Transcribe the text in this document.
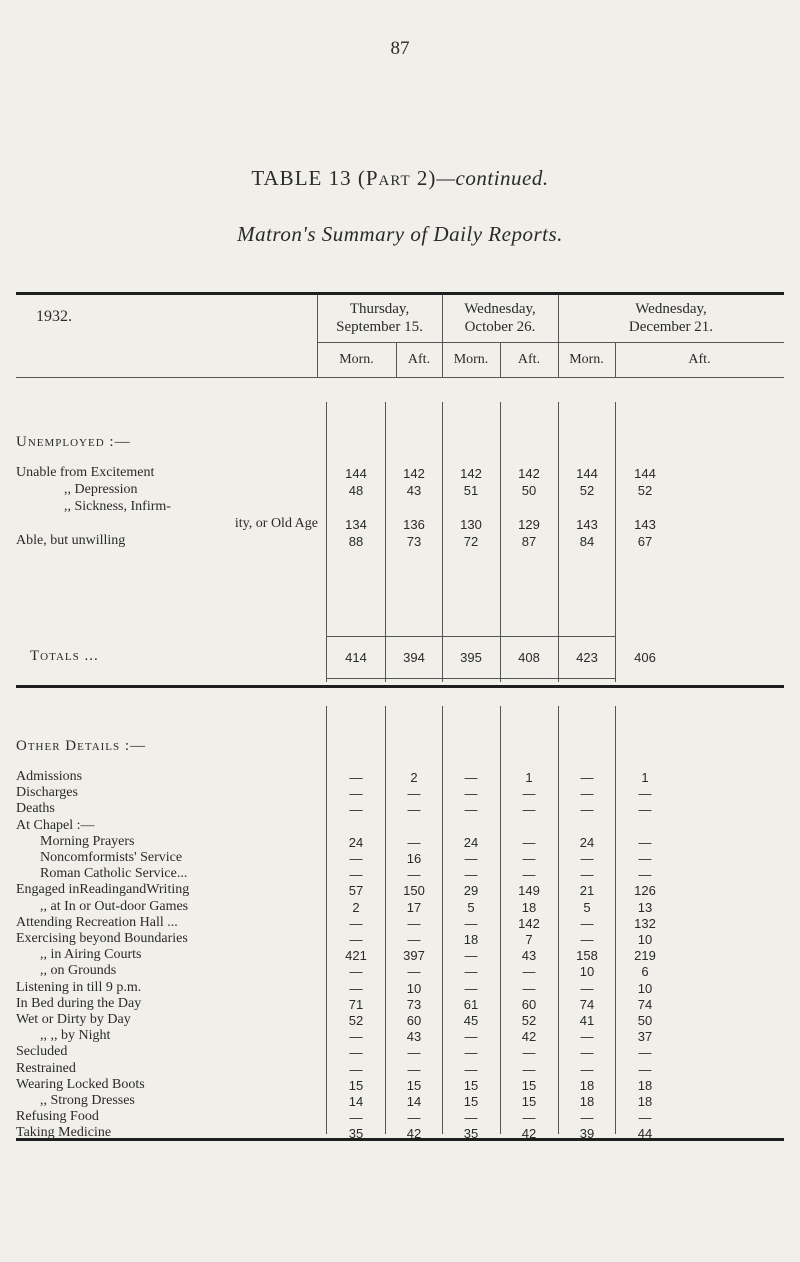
87
TABLE 13 (Part 2)—continued.
Matron's Summary of Daily Reports.
1932.	Thursday,
September 15.
Wednesday,
October 26.
Wednesday,
December 21.
Morn.	Aft.	Morn.	Aft.	Morn.	Aft.
Unemployed :—
Unable from Excitement	144	142	142	142	144	144
,, Depression	48	43	51	50	52	52
,, Sickness, Infirm-
ity, or Old Age	134	136	130	129	143	143
Able, but unwilling	88	73	72	87	84	67
Totals ...	414	394	395	408	423	406
Other Details :—
Admissions	—	2	—	1	—	1
Discharges	—	—	—	—	—	—
Deaths	—	—	—	—	—	—
At Chapel :—
Morning Prayers	24	—	24	—	24	—
Noncomformists' Service	—	16	—	—	—	—
Roman Catholic Service...	—	—	—	—	—	—
Engaged inReadingandWriting	57	150	29	149	21	126
,, at In or Out-door Games	2	17	5	18	5	13
Attending Recreation Hall ...	—	—	—	142	—	132
Exercising beyond Boundaries	—	—	18	7	—	10
,, in Airing Courts	421	397	—	43	158	219
,, on Grounds	—	—	—	—	10	6
Listening in till 9 p.m.	—	10	—	—	—	10
In Bed during the Day	71	73	61	60	74	74
Wet or Dirty by Day	52	60	45	52	41	50
,, ,, by Night	—	43	—	42	—	37
Secluded	—	—	—	—	—	—
Restrained	—	—	—	—	—	—
Wearing Locked Boots	15	15	15	15	18	18
,, Strong Dresses	14	14	15	15	18	18
Refusing Food	—	—	—	—	—	—
Taking Medicine	35	42	35	42	39	44
